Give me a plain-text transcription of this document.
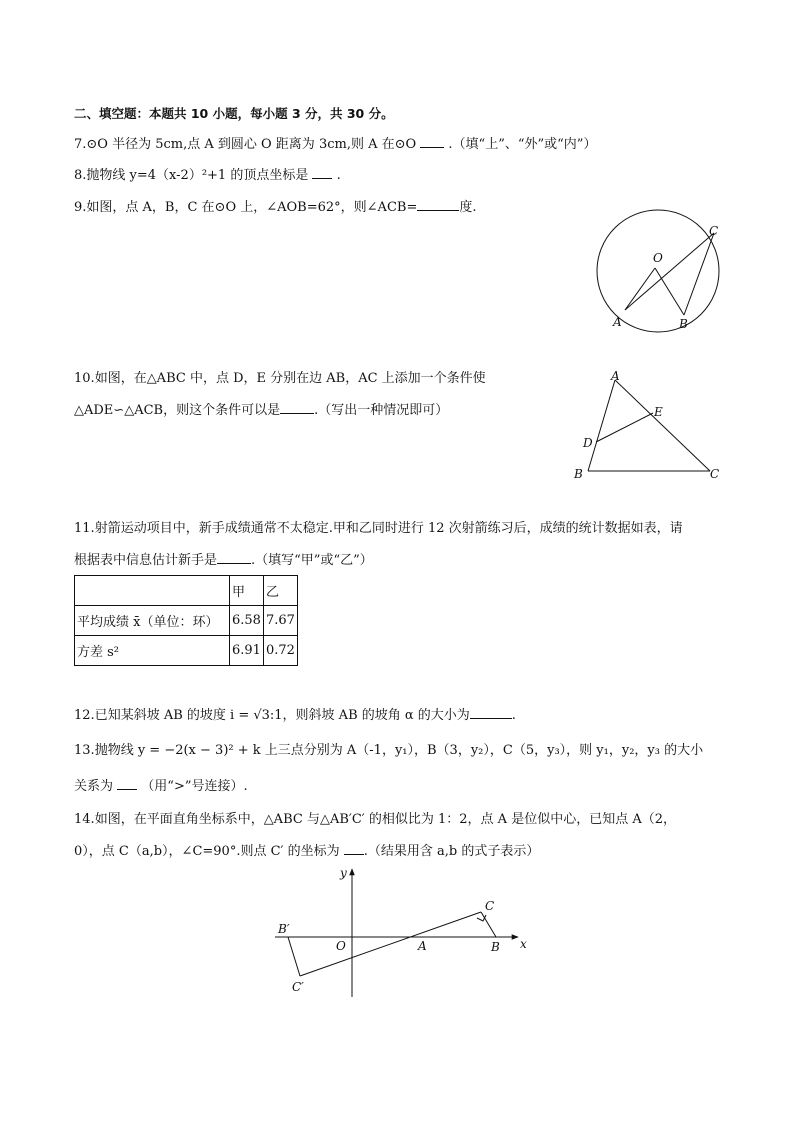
二、填空题：本题共 10 小题，每小题 3 分，共 30 分。
7.⊙O 半径为 5cm,点 A 到圆心 O 距离为 3cm,则 A 在⊙O  .（填“上”、“外”或“内”）
8.抛物线 y=4（x-2）²+1 的顶点坐标是  .
9.如图，点 A，B，C 在⊙O 上，∠AOB=62°，则∠ACB=	度.
O
A	B
C
10.如图，在△ABC 中，点 D，E 分别在边 AB，AC 上添加一个条件使
△ADE∽△ACB，则这个条件可以是	.（写出一种情况即可）
A
B	C
D
E
11.射箭运动项目中，新手成绩通常不太稳定.甲和乙同时进行 12 次射箭练习后，成绩的统计数据如表，请
根据表中信息估计新手是	.（填写“甲”或“乙”）
	甲	乙
平均成绩 x̄（单位：环）	6.58	7.67
方差 s²	6.91	0.72
12.已知某斜坡 AB 的坡度 i = √3:1，则斜坡 AB 的坡角 α 的大小为	.
13.抛物线 y = −2(x − 3)² + k 上三点分别为 A（-1，y₁），B（3，y₂），C（5，y₃），则 y₁，y₂，y₃ 的大小
关系为 （用“>”号连接）.
14.如图，在平面直角坐标系中，△ABC 与△AB′C′ 的相似比为 1：2，点 A 是位似中心，已知点 A（2，
0），点 C（a,b），∠C=90°.则点 C′ 的坐标为 .（结果用含 a,b 的式子表示）
y
x
O	A	B
C
B′
C′
